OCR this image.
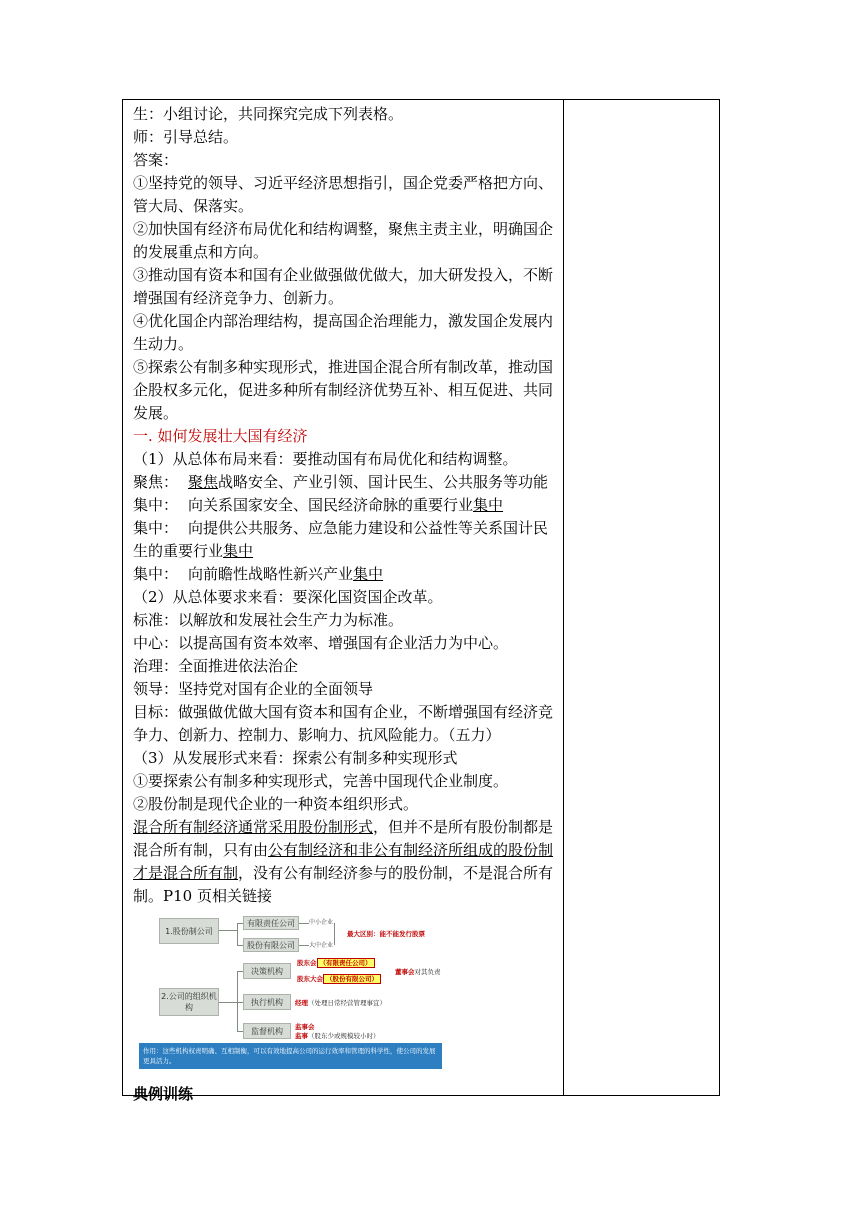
生：小组讨论，共同探究完成下列表格。
师：引导总结。
答案：
①坚持党的领导、习近平经济思想指引，国企党委严格把方向、
管大局、保落实。
②加快国有经济布局优化和结构调整，聚焦主责主业，明确国企
的发展重点和方向。
③推动国有资本和国有企业做强做优做大，加大研发投入，不断
增强国有经济竞争力、创新力。
④优化国企内部治理结构，提高国企治理能力，激发国企发展内
生动力。
⑤探索公有制多种实现形式，推进国企混合所有制改革，推动国
企股权多元化，促进多种所有制经济优势互补、相互促进、共同
发展。
一. 如何发展壮大国有经济
（1）从总体布局来看：要推动国有布局优化和结构调整。
聚焦： 聚焦战略安全、产业引领、国计民生、公共服务等功能
集中： 向关系国家安全、国民经济命脉的重要行业集中
集中： 向提供公共服务、应急能力建设和公益性等关系国计民
生的重要行业集中
集中： 向前瞻性战略性新兴产业集中
（2）从总体要求来看：要深化国资国企改革。
标准：以解放和发展社会生产力为标准。
中心：以提高国有资本效率、增强国有企业活力为中心。
治理：全面推进依法治企
领导：坚持党对国有企业的全面领导
目标：做强做优做大国有资本和国有企业，不断增强国有经济竞
争力、创新力、控制力、影响力、抗风险能力。（五力）
（3）从发展形式来看：探索公有制多种实现形式
①要探索公有制多种实现形式，完善中国现代企业制度。
②股份制是现代企业的一种资本组织形式。
混合所有制经济通常采用股份制形式，但并不是所有股份制都是
混合所有制，只有由公有制经济和非公有制经济所组成的股份制
才是混合所有制，没有公有制经济参与的股份制，不是混合所有
制。P10 页相关链接
1.股份制公司
有限责任公司
股份有限公司
中小企业
大中企业
最大区别：能不能发行股票
2.公司的组织机构
决策机构
执行机构
监督机构
股东会 （有限责任公司）
股东大会 （股份有限公司）
董事会对其负责
经理（处理日常经营管理事宜）
监事会
监事（股东少或规模较小时）
作用：这些机构权责明确、互相制衡，可以有效地提高公司的运行效率和管理的科学性，使公司的发展更具活力。
典例训练
